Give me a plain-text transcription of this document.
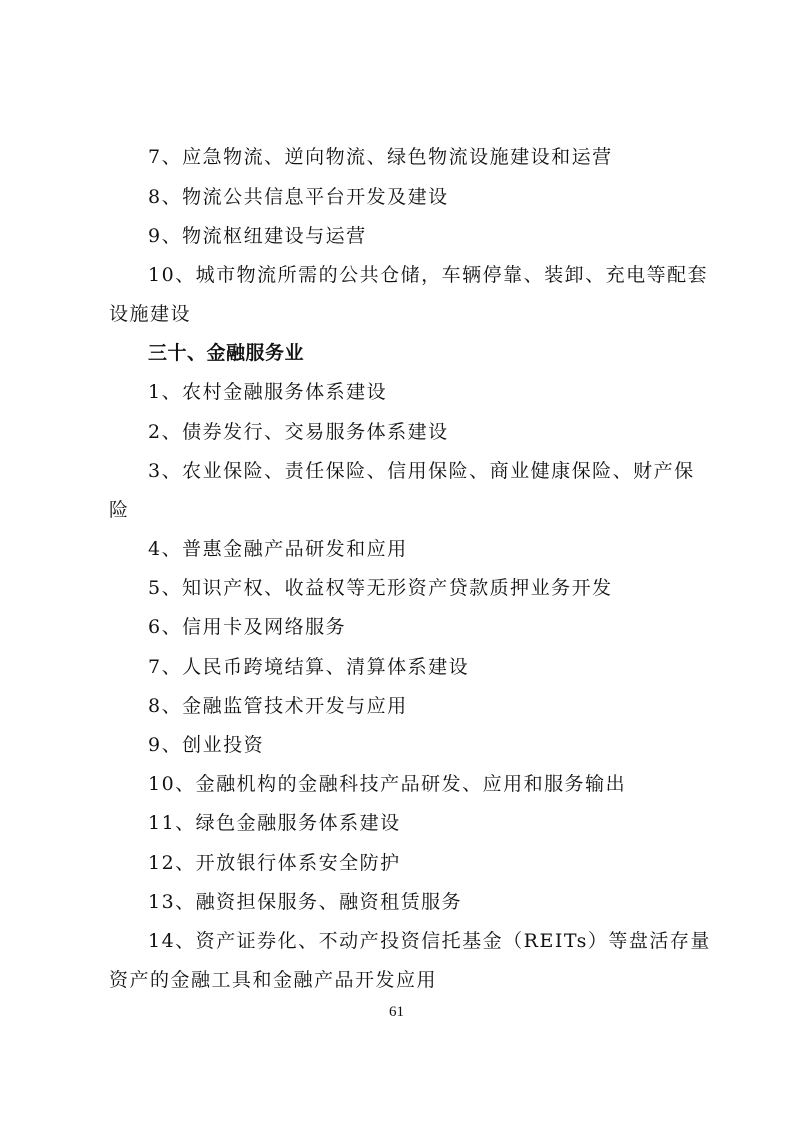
7、应急物流、逆向物流、绿色物流设施建设和运营
8、物流公共信息平台开发及建设
9、物流枢纽建设与运营
10、城市物流所需的公共仓储，车辆停靠、装卸、充电等配套
设施建设
三十、金融服务业
1、农村金融服务体系建设
2、债券发行、交易服务体系建设
3、农业保险、责任保险、信用保险、商业健康保险、财产保
险
4、普惠金融产品研发和应用
5、知识产权、收益权等无形资产贷款质押业务开发
6、信用卡及网络服务
7、人民币跨境结算、清算体系建设
8、金融监管技术开发与应用
9、创业投资
10、金融机构的金融科技产品研发、应用和服务输出
11、绿色金融服务体系建设
12、开放银行体系安全防护
13、融资担保服务、融资租赁服务
14、资产证券化、不动产投资信托基金（REITs）等盘活存量
资产的金融工具和金融产品开发应用
61
